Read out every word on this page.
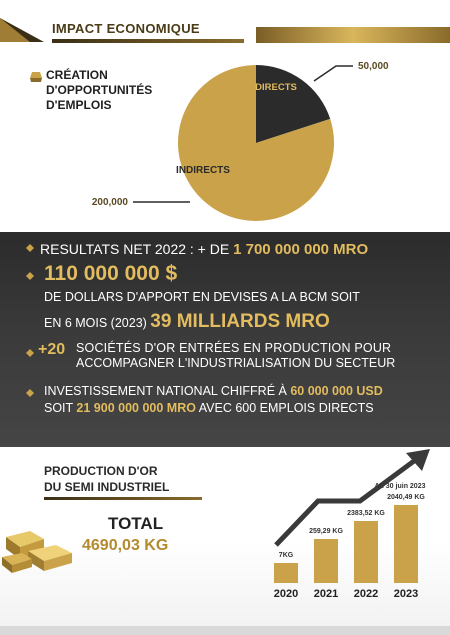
IMPACT ECONOMIQUE
CRÉATION
D'OPPORTUNITÉS
D'EMPLOIS
DIRECTS
INDIRECTS
50,000
200,000
RESULTATS NET 2022 : + DE 1 700 000 000 MRO
110 000 000 $
DE DOLLARS D'APPORT EN DEVISES A LA BCM SOIT
EN 6 MOIS (2023) 39 MILLIARDS MRO
+20 SOCIÉTÉS D'OR ENTRÉES EN PRODUCTION POUR
ACCOMPAGNER L'INDUSTRIALISATION DU SECTEUR
INVESTISSEMENT NATIONAL CHIFFRÉ À 60 000 000 USD
SOIT 21 900 000 000 MRO AVEC 600 EMPLOIS DIRECTS
PRODUCTION D'OR
DU SEMI INDUSTRIEL
TOTAL
4690,03 KG
2020
7KG
2021
259,29 KG
2022
2383,52 KG
2023
2040,49 KG
Au 30 juin 2023
